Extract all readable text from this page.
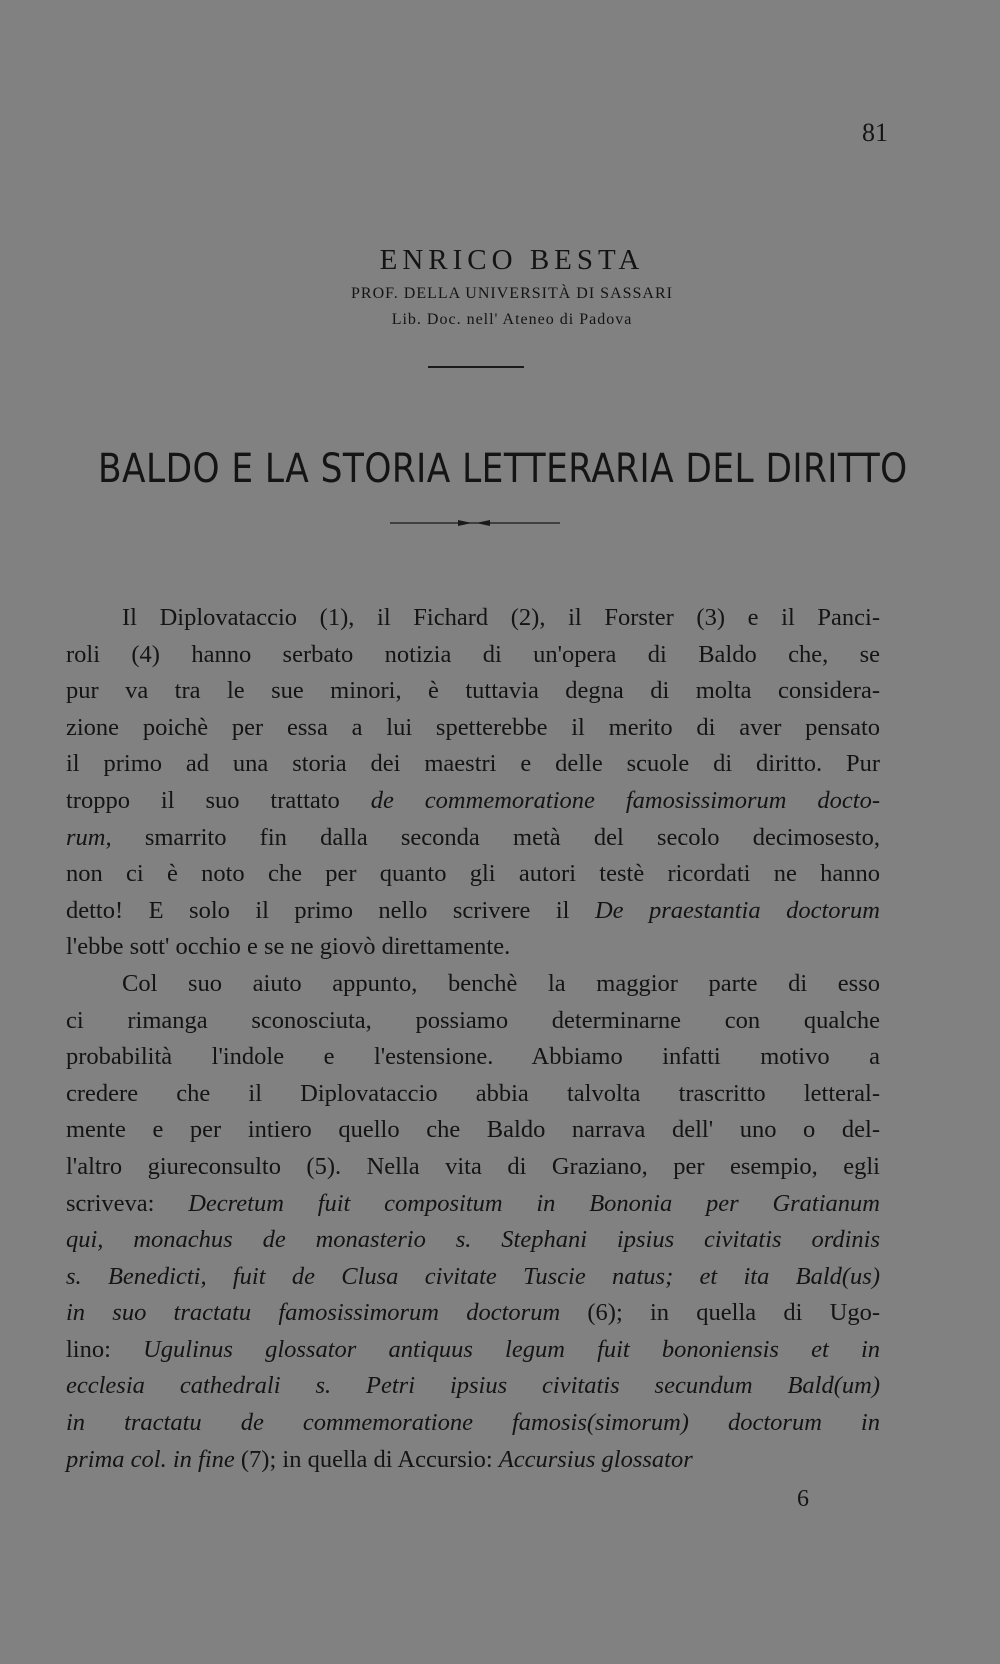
81
ENRICO BESTA
PROF. DELLA UNIVERSITÀ DI SASSARI
Lib. Doc. nell' Ateneo di Padova
BALDO E LA STORIA LETTERARIA DEL DIRITTO
Il Diplovataccio (1), il Fichard (2), il Forster (3) e il Panci-
roli (4) hanno serbato notizia di un'opera di Baldo che, se
pur va tra le sue minori, è tuttavia degna di molta considera-
zione poichè per essa a lui spetterebbe il merito di aver pensato
il primo ad una storia dei maestri e delle scuole di diritto. Pur
troppo il suo trattato de commemoratione famosissimorum docto-
rum, smarrito fin dalla seconda metà del secolo decimosesto,
non ci è noto che per quanto gli autori testè ricordati ne hanno
detto! E solo il primo nello scrivere il De praestantia doctorum
l'ebbe sott' occhio e se ne giovò direttamente.
Col suo aiuto appunto, benchè la maggior parte di esso
ci rimanga sconosciuta, possiamo determinarne con qualche
probabilità l'indole e l'estensione. Abbiamo infatti motivo a
credere che il Diplovataccio abbia talvolta trascritto letteral-
mente e per intiero quello che Baldo narrava dell' uno o del-
l'altro giureconsulto (5). Nella vita di Graziano, per esempio, egli
scriveva: Decretum fuit compositum in Bononia per Gratianum
qui, monachus de monasterio s. Stephani ipsius civitatis ordinis
s. Benedicti, fuit de Clusa civitate Tuscie natus; et ita Bald(us)
in suo tractatu famosissimorum doctorum (6); in quella di Ugo-
lino: Ugulinus glossator antiquus legum fuit bononiensis et in
ecclesia cathedrali s. Petri ipsius civitatis secundum Bald(um)
in tractatu de commemoratione famosis(simorum) doctorum in
prima col. in fine (7); in quella di Accursio: Accursius glossator
6
